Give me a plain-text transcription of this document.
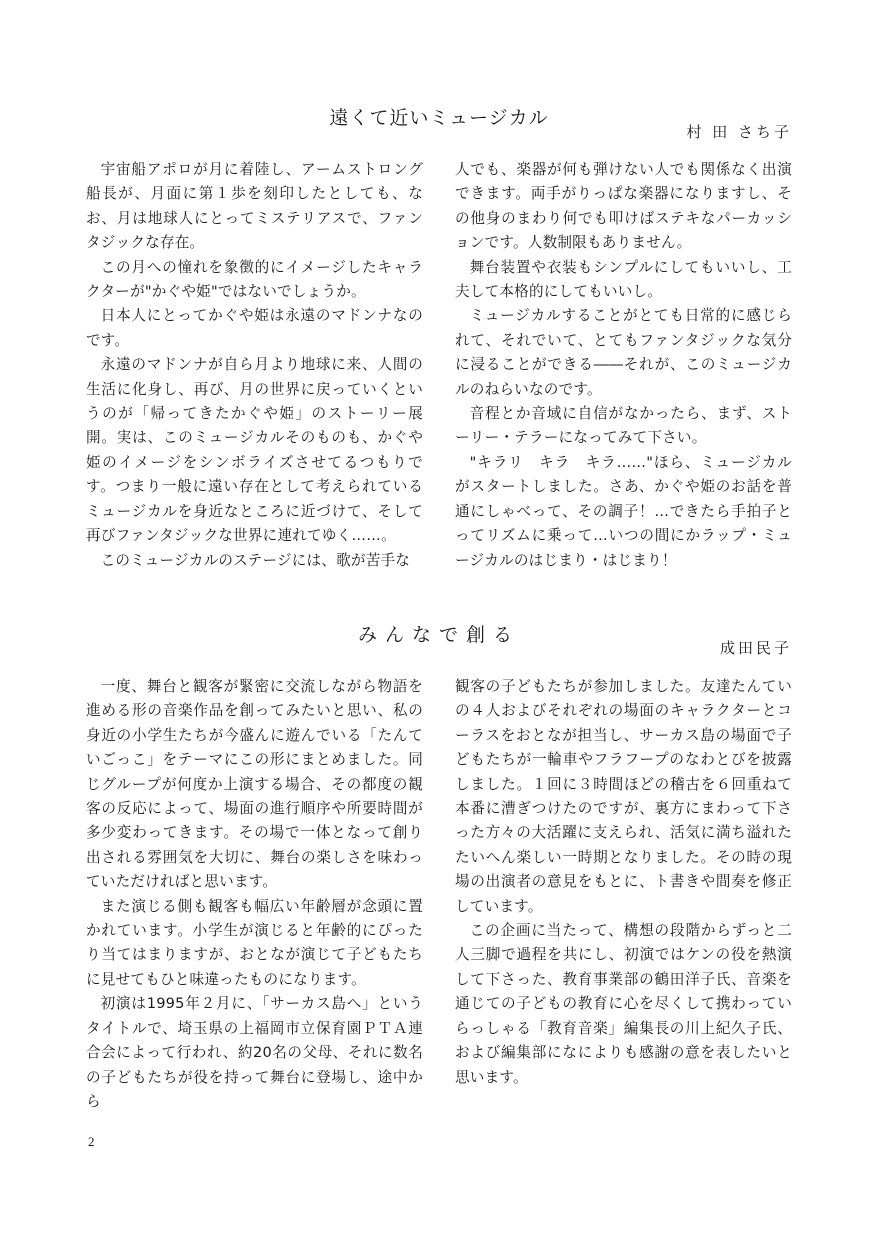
遠くて近いミュージカル
村 田 さち子

宇宙船アポロが月に着陸し、アームストロング船長が、月面に第１歩を刻印したとしても、なお、月は地球人にとってミステリアスで、ファンタジックな存在。

この月への憧れを象徴的にイメージしたキャラクターが"かぐや姫"ではないでしょうか。

日本人にとってかぐや姫は永遠のマドンナなのです。

永遠のマドンナが自ら月より地球に来、人間の生活に化身し、再び、月の世界に戻っていくというのが「帰ってきたかぐや姫」のストーリー展開。実は、このミュージカルそのものも、かぐや姫のイメージをシンボライズさせてるつもりです。つまり一般に遠い存在として考えられているミュージカルを身近なところに近づけて、そして再びファンタジックな世界に連れてゆく……。

このミュージカルのステージには、歌が苦手な

人でも、楽器が何も弾けない人でも関係なく出演できます。両手がりっぱな楽器になりますし、その他身のまわり何でも叩けばステキなパーカッションです。人数制限もありません。

舞台装置や衣装もシンプルにしてもいいし、工夫して本格的にしてもいいし。

ミュージカルすることがとても日常的に感じられて、それでいて、とてもファンタジックな気分に浸ることができる――それが、このミュージカルのねらいなのです。

音程とか音域に自信がなかったら、まず、ストーリー・テラーになってみて下さい。

"キラリ　キラ　キラ……"ほら、ミュージカルがスタートしました。さあ、かぐや姫のお話を普通にしゃべって、その調子！…できたら手拍子とってリズムに乗って…いつの間にかラップ・ミュージカルのはじまり・はじまり！

みんなで創る
成田民子

一度、舞台と観客が緊密に交流しながら物語を進める形の音楽作品を創ってみたいと思い、私の身近の小学生たちが今盛んに遊んでいる「たんていごっこ」をテーマにこの形にまとめました。同じグループが何度か上演する場合、その都度の観客の反応によって、場面の進行順序や所要時間が多少変わってきます。その場で一体となって創り出される雰囲気を大切に、舞台の楽しさを味わっていただければと思います。

また演じる側も観客も幅広い年齢層が念頭に置かれています。小学生が演じると年齢的にぴったり当てはまりますが、おとなが演じて子どもたちに見せてもひと味違ったものになります。

初演は1995年２月に、「サーカス島へ」というタイトルで、埼玉県の上福岡市立保育園ＰＴＡ連合会によって行われ、約20名の父母、それに数名の子どもたちが役を持って舞台に登場し、途中から

観客の子どもたちが参加しました。友達たんていの４人およびそれぞれの場面のキャラクターとコーラスをおとなが担当し、サーカス島の場面で子どもたちが一輪車やフラフープのなわとびを披露しました。１回に３時間ほどの稽古を６回重ねて本番に漕ぎつけたのですが、裏方にまわって下さった方々の大活躍に支えられ、活気に満ち溢れたたいへん楽しい一時期となりました。その時の現場の出演者の意見をもとに、ト書きや間奏を修正しています。

この企画に当たって、構想の段階からずっと二人三脚で過程を共にし、初演ではケンの役を熱演して下さった、教育事業部の鶴田洋子氏、音楽を通じての子どもの教育に心を尽くして携わっていらっしゃる「教育音楽」編集長の川上紀久子氏、および編集部になによりも感謝の意を表したいと思います。

2
